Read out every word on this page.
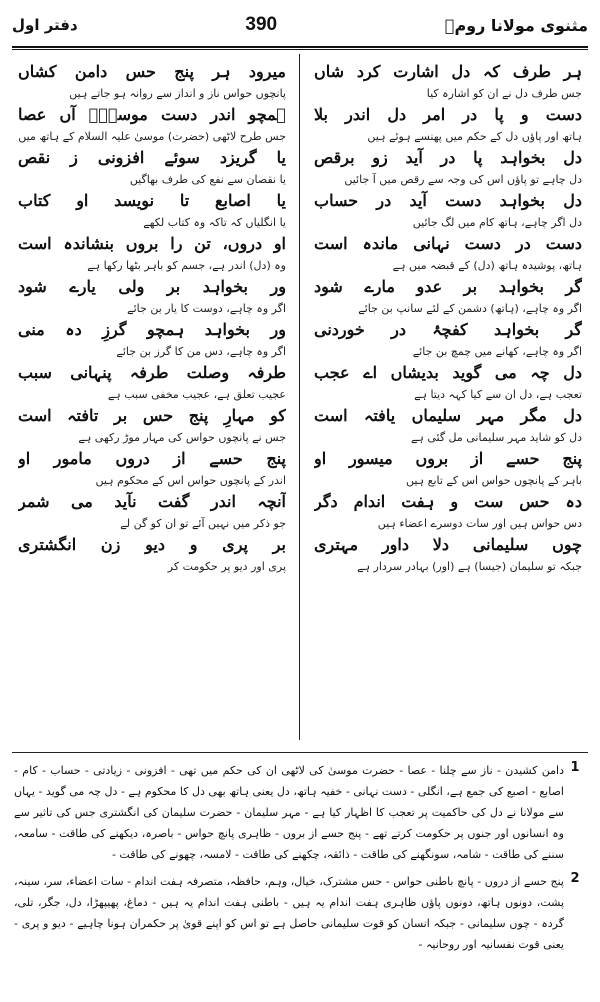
مثنوی مولانا رومؒ
390
دفتر اول
ہر طرف کہ دل اشارت کرد شاں
جس طرف دل نے ان کو اشارہ کیا
دست و پا در امر دل اندر بلا
ہاتھ اور پاؤں دل کے حکم میں پھنسے ہوئے ہیں
دل بخواہد پا در آید زو برقص
دل چاہے تو پاؤں اس کی وجہ سے رقص میں آ جائیں
دل بخواہد دست آید در حساب
دل اگر چاہے، ہاتھ کام میں لگ جائیں
دست در دست نہانی ماندہ است
ہاتھ، پوشیدہ ہاتھ (دل) کے قبضہ میں ہے
گر بخواہد بر عدو مارے شود
اگر وہ چاہے، (ہاتھ) دشمن کے لئے سانپ بن جائے
گر بخواہد کفچۂ در خوردنی
اگر وہ چاہے، کھانے میں چمچ بن جائے
دل چہ می گوید بدیشاں اے عجب
تعجب ہے، دل ان سے کیا کہہ دیتا ہے
دل مگر مہر سلیماں یافتہ است
دل کو شاید مہر سلیمانی مل گئی ہے
پنج حسے از بروں میسور او
باہر کے پانچوں حواس اس کے تابع ہیں
دہ حس ست و ہفت اندام دگر
دس حواس ہیں اور سات دوسرے اعضاء ہیں
چوں سلیمانی دلا داور مہتری
جبکہ تو سلیمان (جیسا) ہے (اور) بہادر سردار ہے
میرود ہر پنج حس دامن کشاں
پانچوں حواس ناز و انداز سے روانہ ہو جاتے ہیں
ہمچو اندر دست موسیٰؑ آں عصا
جس طرح لاٹھی (حضرت) موسیٰ علیہ السلام کے ہاتھ میں
یا گریزد سوئے افزونی ز نقص
یا نقصان سے نفع کی طرف بھاگیں
یا اصابع تا نویسد او کتاب
یا انگلیاں کہ تاکہ وہ کتاب لکھے
او دروں، تن را بروں بنشاندہ است
وہ (دل) اندر ہے، جسم کو باہر بٹھا رکھا ہے
ور بخواہد بر ولی یارے شود
اگر وہ چاہے، دوست کا یار بن جائے
ور بخواہد ہمچو گرزِ دہ منی
اگر وہ چاہے، دس من کا گرز بن جائے
طرفہ وصلت طرفہ پنہانی سبب
عجیب تعلق ہے، عجیب مخفی سبب ہے
کو مہارِ پنج حس بر تافتہ است
جس نے پانچوں حواس کی مہار موڑ رکھی ہے
پنج حسے از دروں مامور او
اندر کے پانچوں حواس اس کے محکوم ہیں
آنچہ اندر گفت نآید می شمر
جو ذکر میں نہیں آئے تو ان کو گن لے
بر پری و دیو زن انگشتری
پری اور دیو پر حکومت کر
1
دامن کشیدن - ناز سے چلنا - عصا - حضرت موسیٰ کی لاٹھی ان کی حکم میں تھی - افزونی - زیادتی - حساب - کام - اصابع - اصبع کی جمع ہے، انگلی - دست نہانی - خفیہ ہاتھ، دل یعنی ہاتھ بھی دل کا محکوم ہے - دل چہ می گوید - یہاں سے مولانا نے دل کی حاکمیت پر تعجب کا اظہار کیا ہے - مہر سلیمان - حضرت سلیمان کی انگشتری جس کی تاثیر سے وہ انسانوں اور جنوں پر حکومت کرتے تھے - پنج حسے از بروں - ظاہری پانچ حواس - باصرہ، دیکھنے کی طاقت - سامعہ، سننے کی طاقت - شامہ، سونگھنے کی طاقت - ذائقہ، چکھنے کی طاقت - لامسہ، چھونے کی طاقت -
2
پنج حسے از دروں - پانچ باطنی حواس - حس مشترک، خیال، وہم، حافظہ، متصرفہ ہفت اندام - سات اعضاء، سر، سینہ، پشت، دونوں ہاتھ، دونوں پاؤں ظاہری ہفت اندام یہ ہیں - باطنی ہفت اندام یہ ہیں - دماغ، پھیپھڑا، دل، جگر، تلی، گردہ - چوں سلیمانی - جبکہ انسان کو قوت سلیمانی حاصل ہے تو اس کو اپنے قویٰ پر حکمران ہونا چاہیے - دیو و پری - یعنی قوت نفسانیہ اور روحانیہ -
